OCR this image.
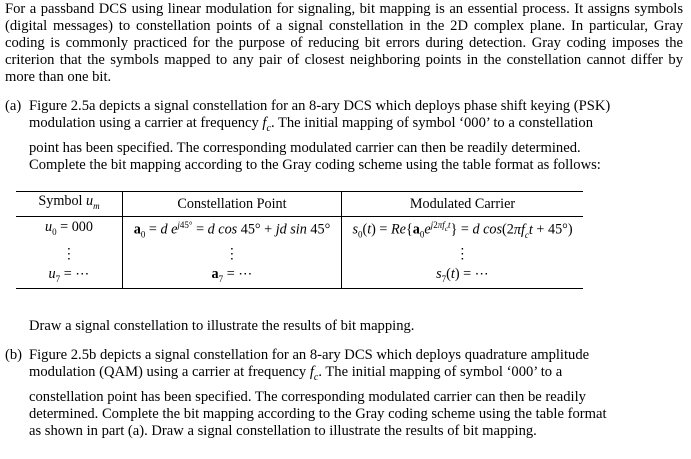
For a passband DCS using linear modulation for signaling, bit mapping is an essential process. It assigns symbols (digital messages) to constellation points of a signal constellation in the 2D complex plane. In particular, Gray coding is commonly practiced for the purpose of reducing bit errors during detection. Gray coding imposes the criterion that the symbols mapped to any pair of closest neighboring points in the constellation cannot differ by more than one bit.

(a) Figure 2.5a depicts a signal constellation for an 8-ary DCS which deploys phase shift keying (PSK)
modulation using a carrier at frequency $f_c$. The initial mapping of symbol ‘000’ to a constellation
point has been specified. The corresponding modulated carrier can then be readily determined.
Complete the bit mapping according to the Gray coding scheme using the table format as follows:
Symbol $u_m$	Constellation Point	Modulated Carrier
$u_0 = 000$	$a_0 = d$ $e^{j45^\circ} = d$ cos 45° + jd sin 45°	$s_0(t) = Re\{a_0e^{j2\pi f_ct}\} = d$ $\cos(2\pi f_ct + 45^\circ)$
⋮	⋮	⋮
$u_7$ = ⋯	$a_7$ = ⋯	$s_7(t)$ = ⋯
Draw a signal constellation to illustrate the results of bit mapping.
(b) Figure 2.5b depicts a signal constellation for an 8-ary DCS which deploys quadrature amplitude
modulation (QAM) using a carrier at frequency $f_c$. The initial mapping of symbol ‘000’ to a
constellation point has been specified. The corresponding modulated carrier can then be readily
determined. Complete the bit mapping according to the Gray coding scheme using the table format
as shown in part (a). Draw a signal constellation to illustrate the results of bit mapping.
